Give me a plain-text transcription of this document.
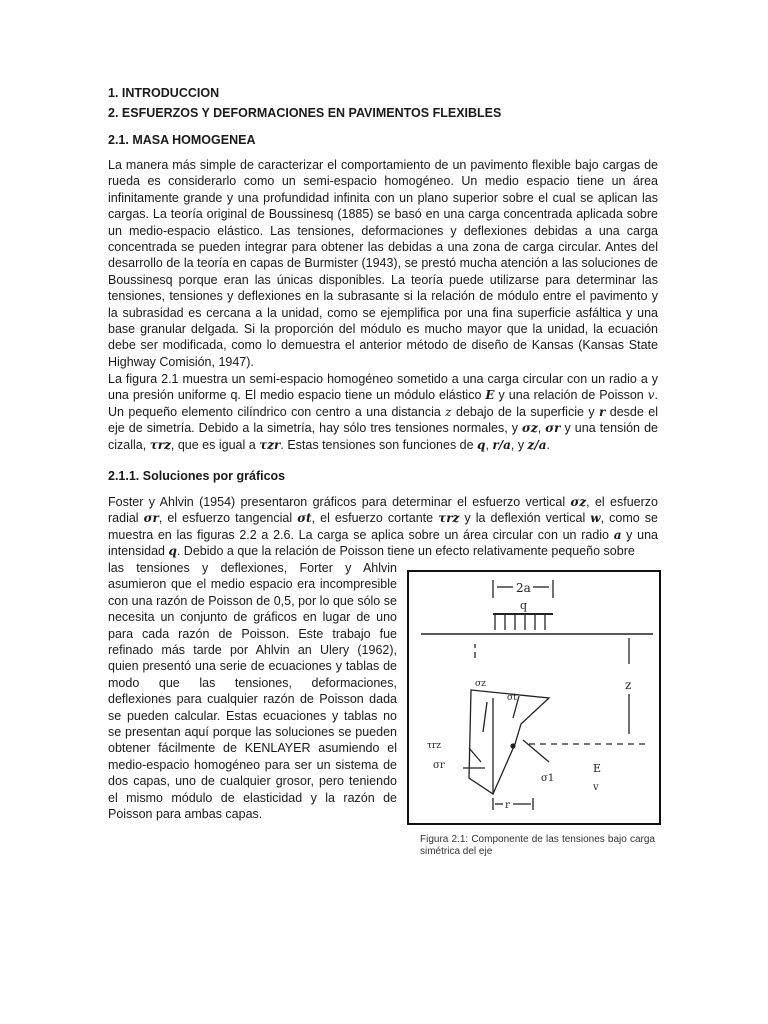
1. INTRODUCCION
2. ESFUERZOS Y DEFORMACIONES EN PAVIMENTOS FLEXIBLES
2.1. MASA HOMOGENEA

La manera más simple de caracterizar el comportamiento de un pavimento flexible bajo cargas de rueda es considerarlo como un semi-espacio homogéneo. Un medio espacio tiene un área infinitamente grande y una profundidad infinita con un plano superior sobre el cual se aplican las cargas. La teoría original de Boussinesq (1885) se basó en una carga concentrada aplicada sobre un medio-espacio elástico. Las tensiones, deformaciones y deflexiones debidas a una carga concentrada se pueden integrar para obtener las debidas a una zona de carga circular. Antes del desarrollo de la teoría en capas de Burmister (1943), se prestó mucha atención a las soluciones de Boussinesq porque eran las únicas disponibles. La teoría puede utilizarse para determinar las tensiones, tensiones y deflexiones en la subrasante si la relación de módulo entre el pavimento y la subrasidad es cercana a la unidad, como se ejemplifica por una fina superficie asfáltica y una base granular delgada. Si la proporción del módulo es mucho mayor que la unidad, la ecuación debe ser modificada, como lo demuestra el anterior método de diseño de Kansas (Kansas State Highway Comisión, 1947).

La figura 2.1 muestra un semi-espacio homogéneo sometido a una carga circular con un radio a y una presión uniforme q. El medio espacio tiene un módulo elástico E y una relación de Poisson 𝑣. Un pequeño elemento cilíndrico con centro a una distancia z debajo de la superficie y r desde el eje de simetría. Debido a la simetría, hay sólo tres tensiones normales, y σz, σr y una tensión de cizalla, τrz, que es igual a τzr. Estas tensiones son funciones de q, r/a, y z/a.

2.1.1. Soluciones por gráficos

Foster y Ahlvin (1954) presentaron gráficos para determinar el esfuerzo vertical σz, el esfuerzo radial σr, el esfuerzo tangencial σt, el esfuerzo cortante τrz y la deflexión vertical w, como se muestra en las figuras 2.2 a 2.6. La carga se aplica sobre un área circular con un radio a y una intensidad q. Debido a que la relación de Poisson tiene un efecto relativamente pequeño sobre

las tensiones y deflexiones, Forter y Ahlvin asumieron que el medio espacio era incompresible con una razón de Poisson de 0,5, por lo que sólo se necesita un conjunto de gráficos en lugar de uno para cada razón de Poisson. Este trabajo fue refinado más tarde por Ahlvin an Ulery (1962), quien presentó una serie de ecuaciones y tablas de modo que las tensiones, deformaciones, deflexiones para cualquier razón de Poisson dada se pueden calcular. Estas ecuaciones y tablas no se presentan aquí porque las soluciones se pueden obtener fácilmente de KENLAYER asumiendo el medio-espacio homogéneo para ser un sistema de dos capas, uno de cualquier grosor, pero teniendo el mismo módulo de elasticidad y la razón de Poisson para ambas capas.

2a
q
z
σz
σt
τrz
σr
σ1
E
v
r

Figura 2.1: Componente de las tensiones bajo carga simétrica del eje
